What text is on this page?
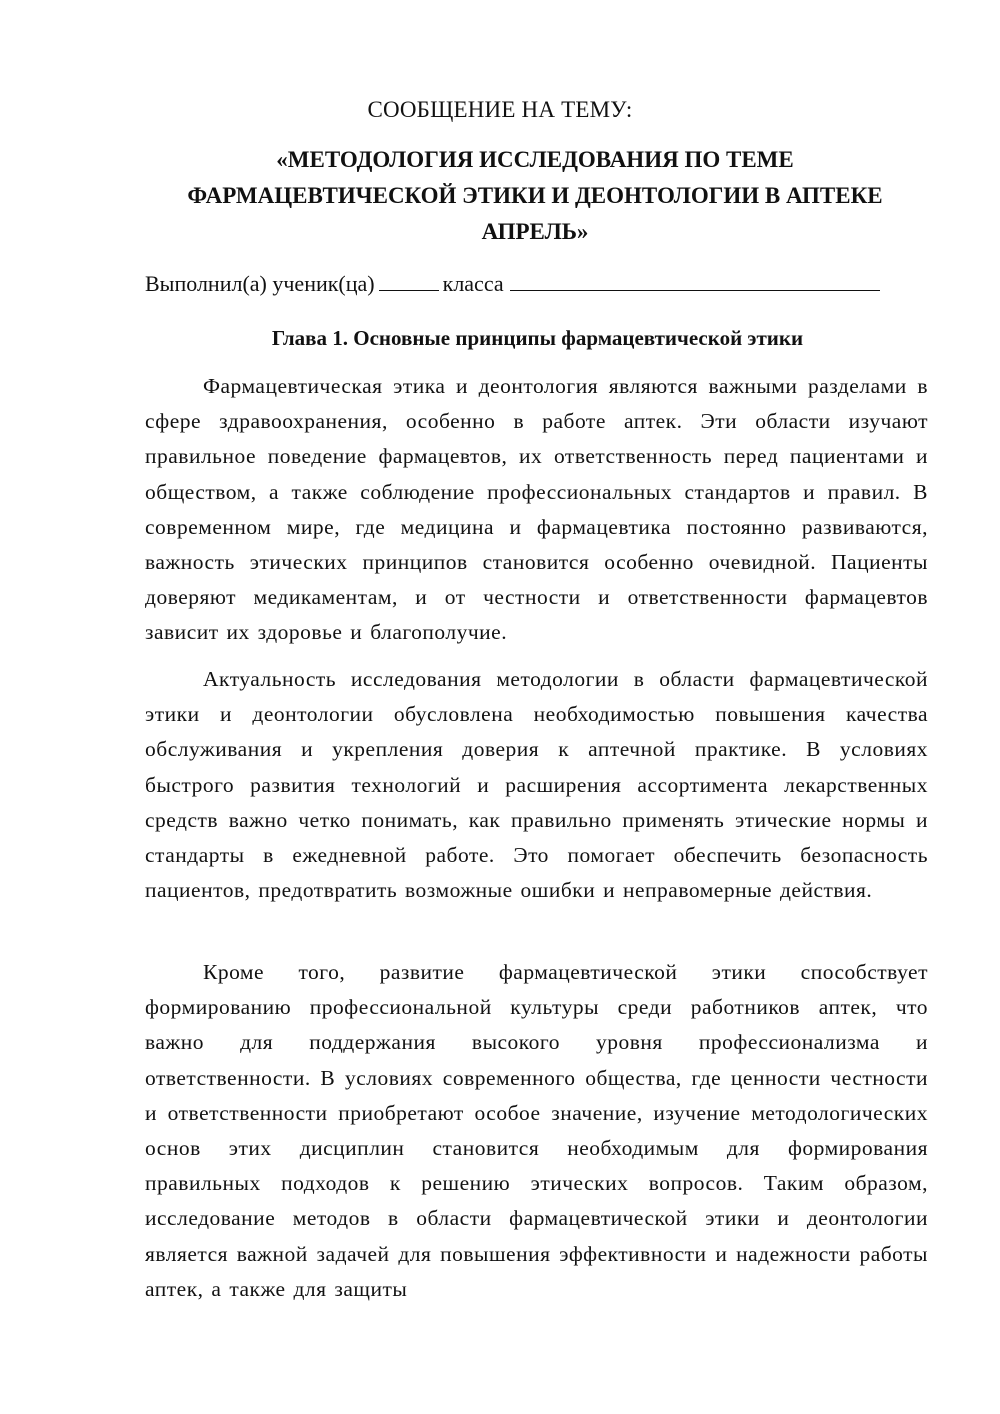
СООБЩЕНИЕ НА ТЕМУ:

«МЕТОДОЛОГИЯ ИССЛЕДОВАНИЯ ПО ТЕМЕ ФАРМАЦЕВТИЧЕСКОЙ ЭТИКИ И ДЕОНТОЛОГИИ В АПТЕКЕ АПРЕЛЬ»

Выполнил(а) ученик(ца)	класса

Глава 1. Основные принципы фармацевтической этики

Фармацевтическая этика и деонтология являются важными разделами в сфере здравоохранения, особенно в работе аптек. Эти области изучают правильное поведение фармацевтов, их ответственность перед пациентами и обществом, а также соблюдение профессиональных стандартов и правил. В современном мире, где медицина и фармацевтика постоянно развиваются, важность этических принципов становится особенно очевидной. Пациенты доверяют медикаментам, и от честности и ответственности фармацевтов зависит их здоровье и благополучие.

Актуальность исследования методологии в области фармацевтической этики и деонтологии обусловлена необходимостью повышения качества обслуживания и укрепления доверия к аптечной практике. В условиях быстрого развития технологий и расширения ассортимента лекарственных средств важно четко понимать, как правильно применять этические нормы и стандарты в ежедневной работе. Это помогает обеспечить безопасность пациентов, предотвратить возможные ошибки и неправомерные действия.

Кроме того, развитие фармацевтической этики способствует формированию профессиональной культуры среди работников аптек, что важно для поддержания высокого уровня профессионализма и ответственности. В условиях современного общества, где ценности честности и ответственности приобретают особое значение, изучение методологических основ этих дисциплин становится необходимым для формирования правильных подходов к решению этических вопросов. Таким образом, исследование методов в области фармацевтической этики и деонтологии является важной задачей для повышения эффективности и надежности работы аптек, а также для защиты
